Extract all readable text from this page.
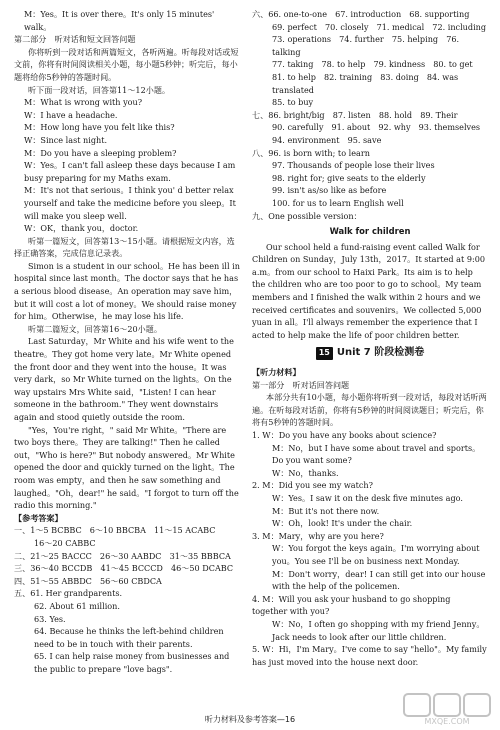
M：Yes。It is over there。It's only 15 minutes' walk。

第二部分　听对话和短文回答问题

你将听到一段对话和两篇短文，各听两遍。听每段对话或短文前，你将有时间阅读相关小题，每小题5秒钟；听完后，每小题将给你5秒钟的答题时间。

听下面一段对话，回答第11～12小题。

M：What is wrong with you?

W：I have a headache.

M：How long have you felt like this?

W：Since last night.

M：Do you have a sleeping problem?

W：Yes。I can't fall asleep these days because I am busy preparing for my Maths exam.

M：It's not that serious。I think you' d better relax yourself and take the medicine before you sleep。It will make you sleep well.

W：OK，thank you，doctor.

听第一篇短文，回答第13～15小题。请根据短文内容，选择正确答案，完成信息记录表。

Simon is a student in our school。He has been ill in hospital since last month。The doctor says that he has a serious blood disease。An operation may save him，but it will cost a lot of money。We should raise money for him。Otherwise，he may lose his life.

听第二篇短文，回答第16～20小题。

Last Saturday，Mr White and his wife went to the theatre。They got home very late。Mr White opened the front door and they went into the house。It was very dark，so Mr White turned on the lights。On the way upstairs Mrs White said，"Listen! I can hear someone in the bathroom." They went downstairs again and stood quietly outside the room.

"Yes，You're right，" said Mr White。"There are two boys there。They are talking!" Then he called out，"Who is here?" But nobody answered。Mr White opened the door and quickly turned on the light。The room was empty，and then he saw something and laughed。"Oh，dear!" he said。"I forgot to turn off the radio this morning."

【参考答案】

一、1～5 BCBBC　6～10 BBCBA　11～15 ACABC

16～20 CABBC

二、21～25 BACCC　26～30 AABDC　31～35 BBBCA

三、36～40 BCCDB　41～45 BCCCD　46～50 DCABC

四、51～55 ABBDC　56～60 CBDCA

五、61. Her grandparents.

62. About 61 million.

63. Yes.

64. Because he thinks the left-behind children need to be in touch with their parents.

65. I can help raise money from businesses and the public to prepare "love bags".

六、66. one-to-one　67. introduction　68. supporting

69. perfect　70. closely　71. medical　72. including

73. operations　74. further　75. helping　76. talking

77. taking　78. to help　79. kindness　80. to get

81. to help　82. training　83. doing　84. was translated

85. to buy

七、86. bright/big　87. listen　88. hold　89. Their

90. carefully　91. about　92. why　93. themselves

94. environment　95. save

八、96. is born with; to learn

97. Thousands of people lose their lives

98. right for; give seats to the elderly

99. isn't as/so like as before

100. for us to learn English well

九、One possible version：

Walk for children

Our school held a fund-raising event called Walk for Children on Sunday，July 13th，2017。It started at 9:00 a.m。from our school to Haixi Park。Its aim is to help the children who are too poor to go to school。My team members and I finished the walk within 2 hours and we received certificates and souvenirs。We collected 5,000 yuan in all。I'll always remember the experience that I acted to help make the life of poor children better.

15 Unit 7 阶段检测卷

【听力材料】

第一部分　听对话回答问题

本部分共有10小题，每小题你将听到一段对话，每段对话听两遍。在听每段对话前，你将有5秒钟的时间阅读题目；听完后，你将有5秒钟的答题时间。

1. W：Do you have any books about science?

M：No，but I have some about travel and sports。Do you want some?

W：No，thanks.

2. M：Did you see my watch?

W：Yes。I saw it on the desk five minutes ago.

M：But it's not there now.

W：Oh，look! It's under the chair.

3. M：Mary，why are you here?

W：You forgot the keys again。I'm worrying about you。You see I'll be on business next Monday.

M：Don't worry，dear! I can still get into our house with the help of the policemen.

4. M：Will you ask your husband to go shopping together with you?

W：No，I often go shopping with my friend Jenny。Jack needs to look after our little children.

5. W：Hi，I'm Mary。I've come to say "hello"。My family has just moved into the house next door.

MXQE.COM
听力材料及参考答案—16
